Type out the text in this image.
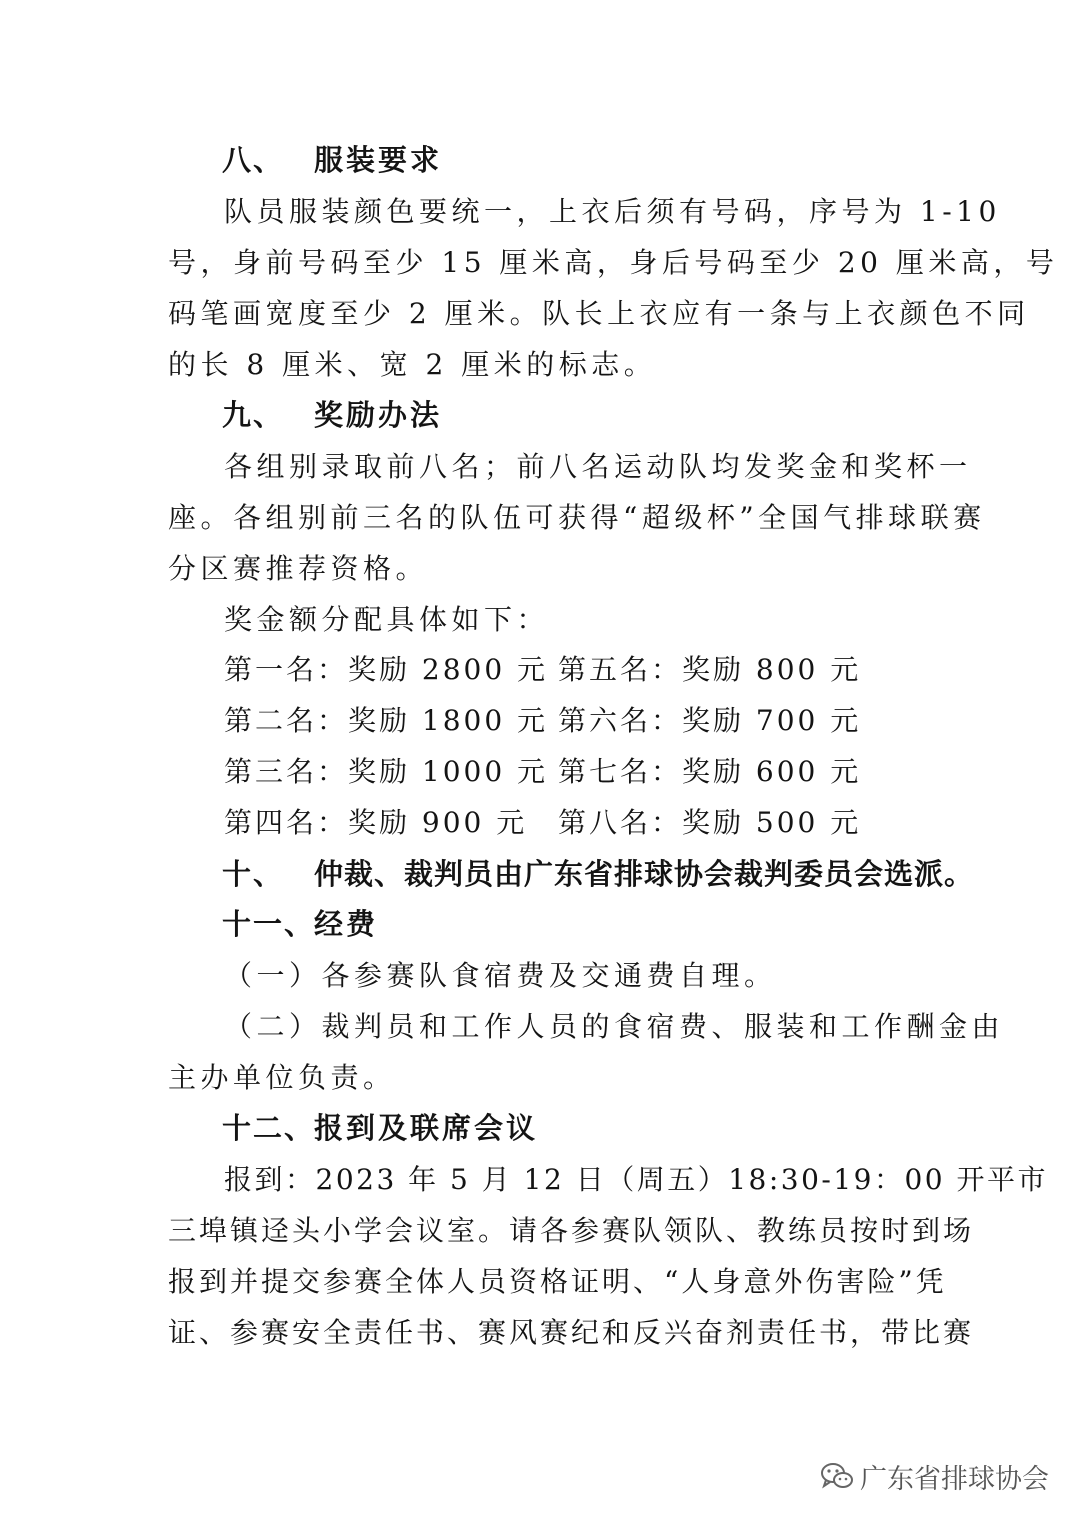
八、 服装要求
队员服装颜色要统一，上衣后须有号码，序号为 1-10
号，身前号码至少 15 厘米高，身后号码至少 20 厘米高，号
码笔画宽度至少 2 厘米。队长上衣应有一条与上衣颜色不同
的长 8 厘米、宽 2 厘米的标志。
九、 奖励办法
各组别录取前八名；前八名运动队均发奖金和奖杯一
座。各组别前三名的队伍可获得“超级杯”全国气排球联赛
分区赛推荐资格。
奖金额分配具体如下：
第一名：奖励 2800 元 第五名：奖励 800 元
第二名：奖励 1800 元 第六名：奖励 700 元
第三名：奖励 1000 元 第七名：奖励 600 元
第四名：奖励 900 元 第八名：奖励 500 元
十、 仲裁、裁判员由广东省排球协会裁判委员会选派。
十一、经费
（一）各参赛队食宿费及交通费自理。
（二）裁判员和工作人员的食宿费、服装和工作酬金由
主办单位负责。
十二、报到及联席会议
报到：2023 年 5 月 12 日（周五）18:30-19：00 开平市
三埠镇迳头小学会议室。请各参赛队领队、教练员按时到场
报到并提交参赛全体人员资格证明、“人身意外伤害险”凭
证、参赛安全责任书、赛风赛纪和反兴奋剂责任书，带比赛
广东省排球协会
